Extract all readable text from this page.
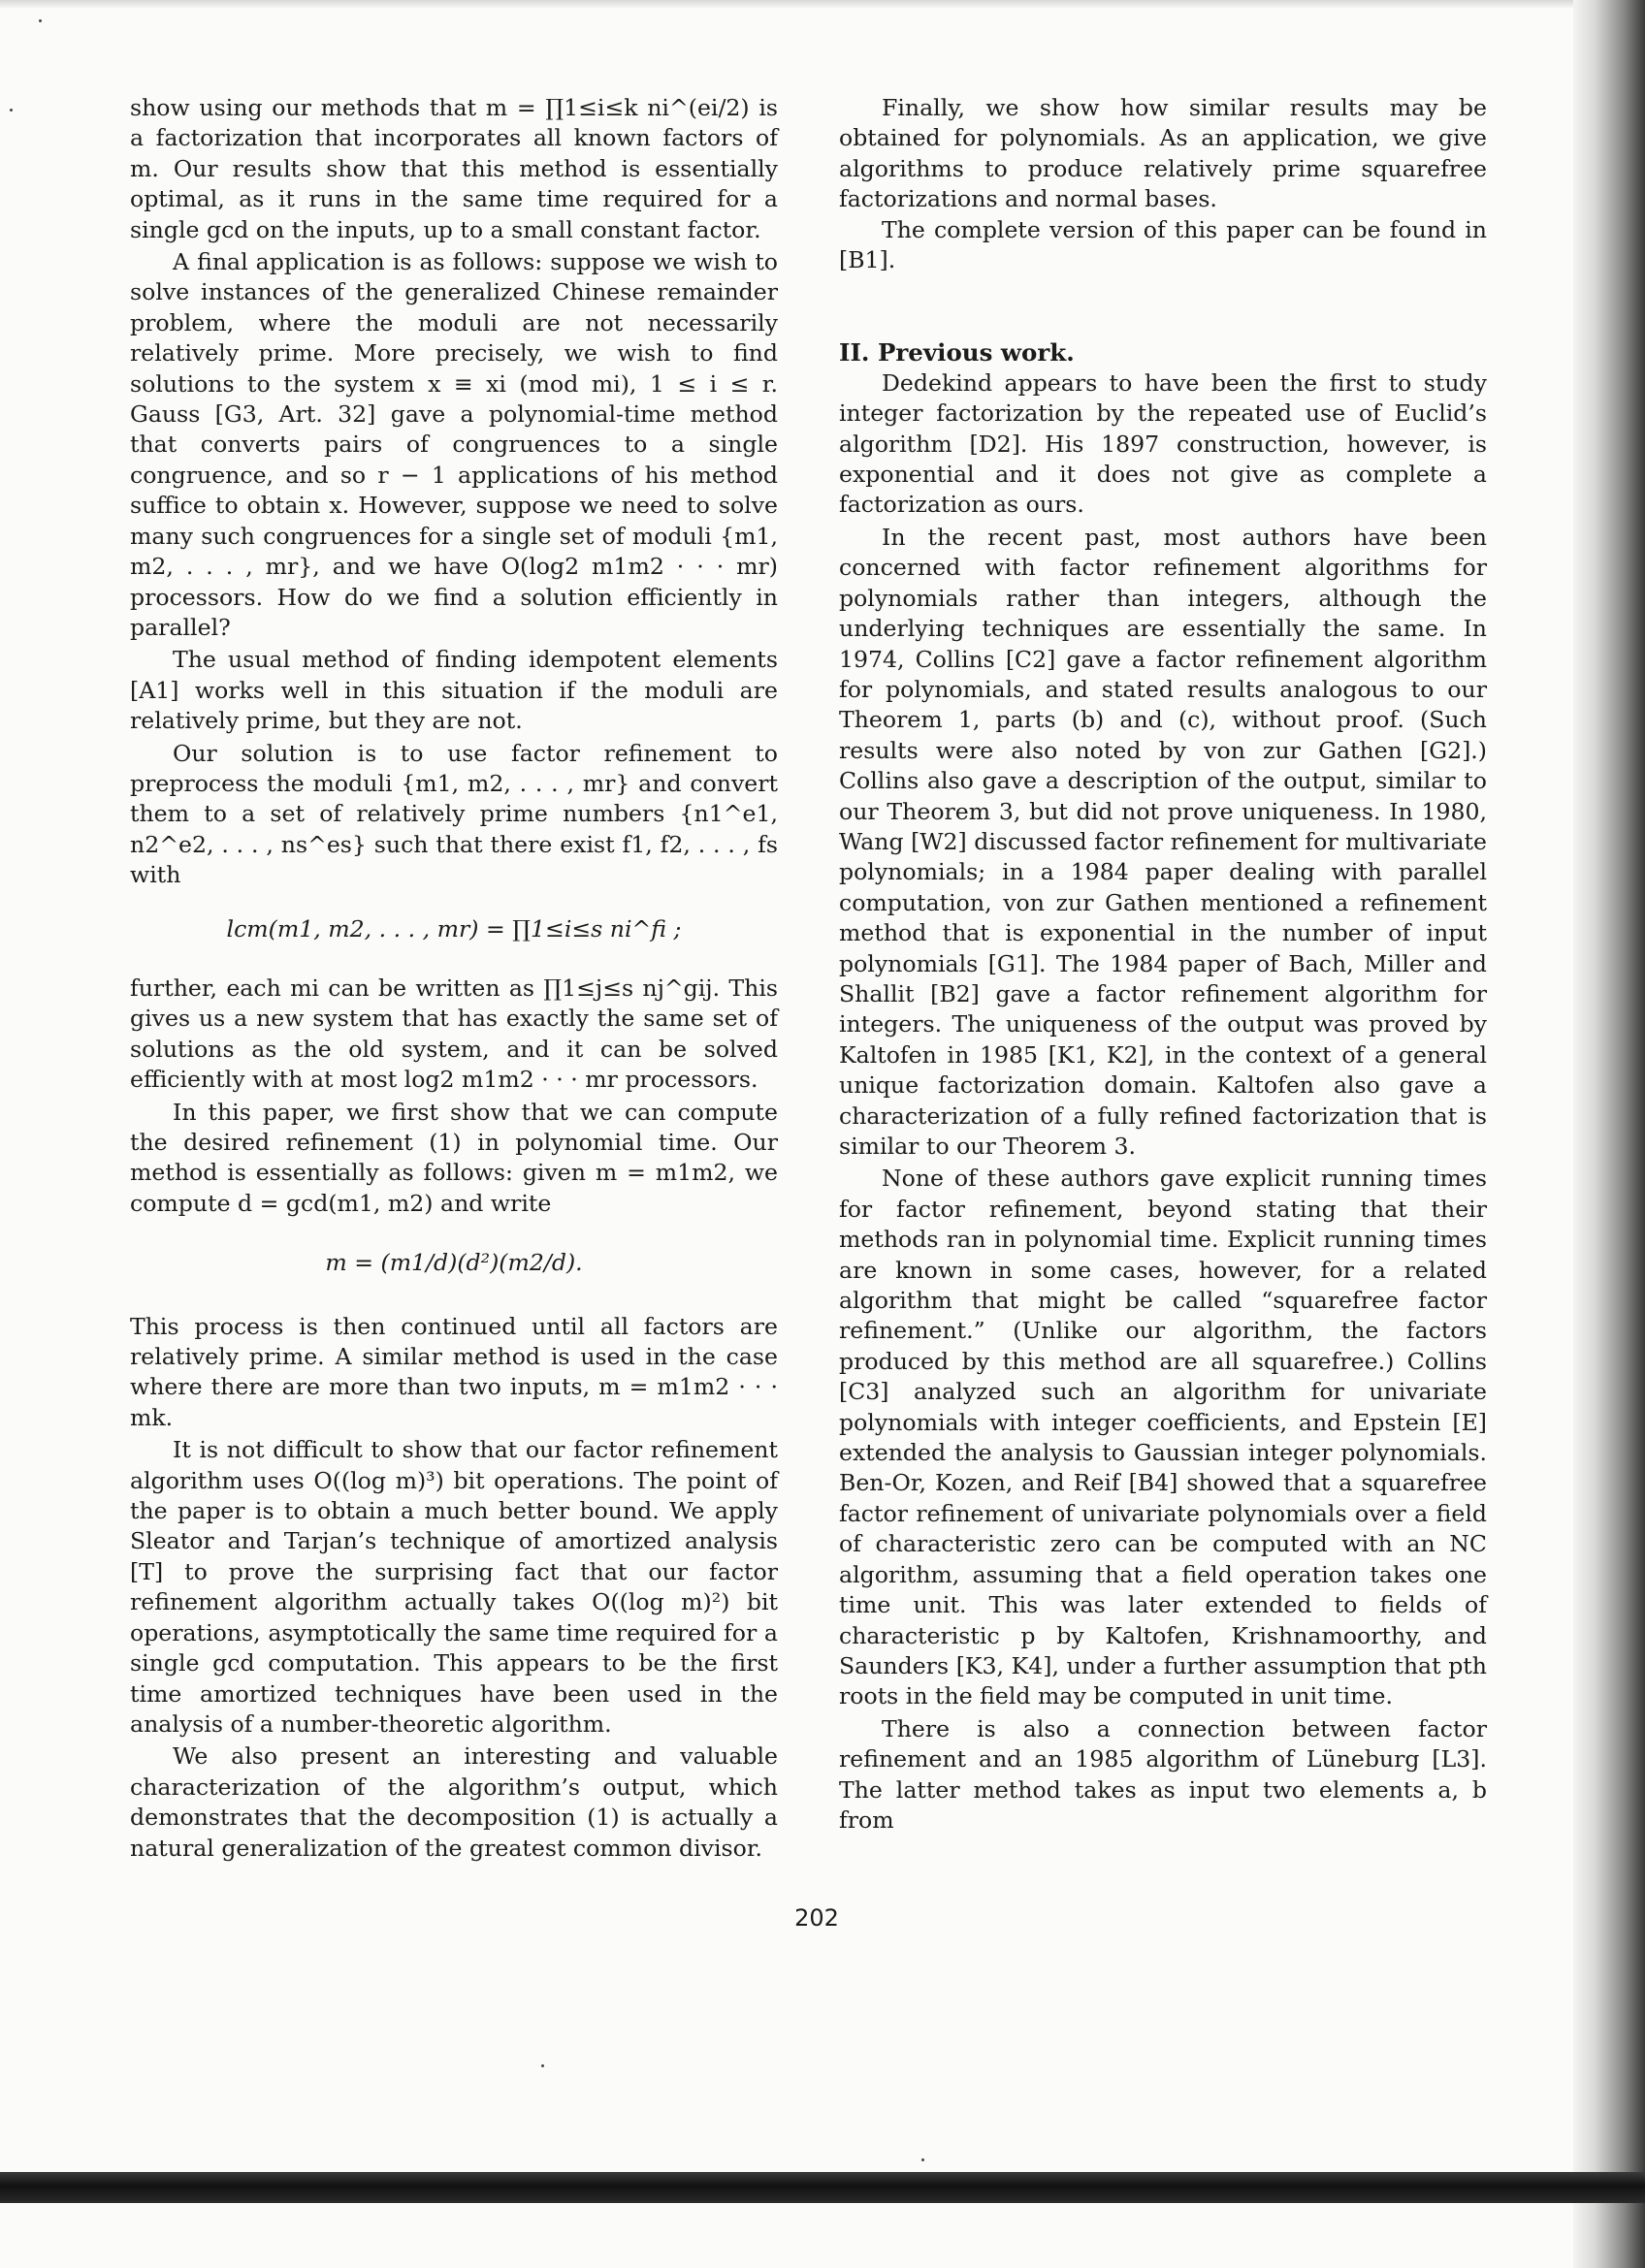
show using our methods that m = ∏1≤i≤k ni^(ei/2) is a factorization that incorporates all known factors of m. Our results show that this method is essentially optimal, as it runs in the same time required for a single gcd on the inputs, up to a small constant factor.

A final application is as follows: suppose we wish to solve instances of the generalized Chinese remainder problem, where the moduli are not necessarily relatively prime. More precisely, we wish to find solutions to the system x ≡ xi (mod mi), 1 ≤ i ≤ r. Gauss [G3, Art. 32] gave a polynomial-time method that converts pairs of congruences to a single congruence, and so r − 1 applications of his method suffice to obtain x. However, suppose we need to solve many such congruences for a single set of moduli {m1, m2, . . . , mr}, and we have O(log2 m1m2 · · · mr) processors. How do we find a solution efficiently in parallel?

The usual method of finding idempotent elements [A1] works well in this situation if the moduli are relatively prime, but they are not.

Our solution is to use factor refinement to preprocess the moduli {m1, m2, . . . , mr} and convert them to a set of relatively prime numbers {n1^e1, n2^e2, . . . , ns^es} such that there exist f1, f2, . . . , fs with

lcm(m1, m2, . . . , mr) = ∏1≤i≤s ni^fi ;

further, each mi can be written as ∏1≤j≤s nj^gij. This gives us a new system that has exactly the same set of solutions as the old system, and it can be solved efficiently with at most log2 m1m2 · · · mr processors.

In this paper, we first show that we can compute the desired refinement (1) in polynomial time. Our method is essentially as follows: given m = m1m2, we compute d = gcd(m1, m2) and write

m = (m1/d)(d²)(m2/d).

This process is then continued until all factors are relatively prime. A similar method is used in the case where there are more than two inputs, m = m1m2 · · · mk.

It is not difficult to show that our factor refinement algorithm uses O((log m)³) bit operations. The point of the paper is to obtain a much better bound. We apply Sleator and Tarjan’s technique of amortized analysis [T] to prove the surprising fact that our factor refinement algorithm actually takes O((log m)²) bit operations, asymptotically the same time required for a single gcd computation. This appears to be the first time amortized techniques have been used in the analysis of a number-theoretic algorithm.

We also present an interesting and valuable characterization of the algorithm’s output, which demonstrates that the decomposition (1) is actually a natural generalization of the greatest common divisor.

Finally, we show how similar results may be obtained for polynomials. As an application, we give algorithms to produce relatively prime squarefree factorizations and normal bases.

The complete version of this paper can be found in [B1].

II. Previous work.

Dedekind appears to have been the first to study integer factorization by the repeated use of Euclid’s algorithm [D2]. His 1897 construction, however, is exponential and it does not give as complete a factorization as ours.

In the recent past, most authors have been concerned with factor refinement algorithms for polynomials rather than integers, although the underlying techniques are essentially the same. In 1974, Collins [C2] gave a factor refinement algorithm for polynomials, and stated results analogous to our Theorem 1, parts (b) and (c), without proof. (Such results were also noted by von zur Gathen [G2].) Collins also gave a description of the output, similar to our Theorem 3, but did not prove uniqueness. In 1980, Wang [W2] discussed factor refinement for multivariate polynomials; in a 1984 paper dealing with parallel computation, von zur Gathen mentioned a refinement method that is exponential in the number of input polynomials [G1]. The 1984 paper of Bach, Miller and Shallit [B2] gave a factor refinement algorithm for integers. The uniqueness of the output was proved by Kaltofen in 1985 [K1, K2], in the context of a general unique factorization domain. Kaltofen also gave a characterization of a fully refined factorization that is similar to our Theorem 3.

None of these authors gave explicit running times for factor refinement, beyond stating that their methods ran in polynomial time. Explicit running times are known in some cases, however, for a related algorithm that might be called “squarefree factor refinement.” (Unlike our algorithm, the factors produced by this method are all squarefree.) Collins [C3] analyzed such an algorithm for univariate polynomials with integer coefficients, and Epstein [E] extended the analysis to Gaussian integer polynomials. Ben-Or, Kozen, and Reif [B4] showed that a squarefree factor refinement of univariate polynomials over a field of characteristic zero can be computed with an NC algorithm, assuming that a field operation takes one time unit. This was later extended to fields of characteristic p by Kaltofen, Krishnamoorthy, and Saunders [K3, K4], under a further assumption that pth roots in the field may be computed in unit time.

There is also a connection between factor refinement and an 1985 algorithm of Lüneburg [L3]. The latter method takes as input two elements a, b from

202
